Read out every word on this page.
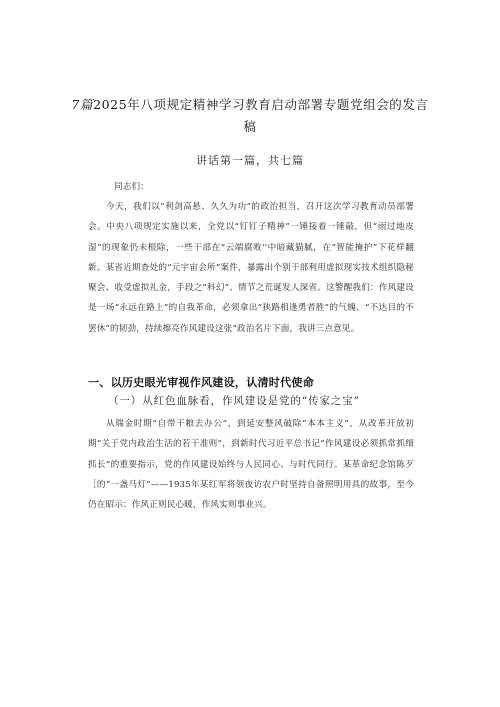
7篇2025年八项规定精神学习教育启动部署专题党组会的发言稿

讲话第一篇，共七篇

同志们：

今天，我们以“利剑高悬、久久为功”的政治担当，召开这次学习教育动员部署会。中央八项规定实施以来，全党以“钉钉子精神”一锤接着一锤敲，但“雨过地皮湿”的现象仍未根除，一些干部在“云端腐败''中暗藏猫腻，在“智能掩护”下花样翻新。某省近期查处的“元宇宙会所”案件，暴露出个别干部利用虚拟现实技术组织隐秘聚会、收受虚拟礼金，手段之“科幻”、情节之荒诞发人深省。这警醒我们：作风建设是一场“永远在路上”的自我革命，必须拿出“狭路相逢勇者胜”的气魄、“不达目的不罢休”的韧劲，持续擦亮作风建设这张“政治名片下面，我讲三点意见。

一、以历史眼光审视作风建设，认清时代使命
（一）从红色血脉看，作风建设是党的“传家之宝”

从瑞金时期“自带干粮去办公”，到延安整风破除“本本主义”，从改革开放初期“关于党内政治生活的若干准则”，到新时代习近平总书记“作风建设必须抓常抓细抓长”的重要指示，党的作风建设始终与人民同心、与时代同行。某革命纪念馆陈歹［的“一盏马灯”——1935年某红军将领夜访农户时坚持自备照明用具的故事，至今仍在昭示：作风正则民心暖，作风实则事业兴。
